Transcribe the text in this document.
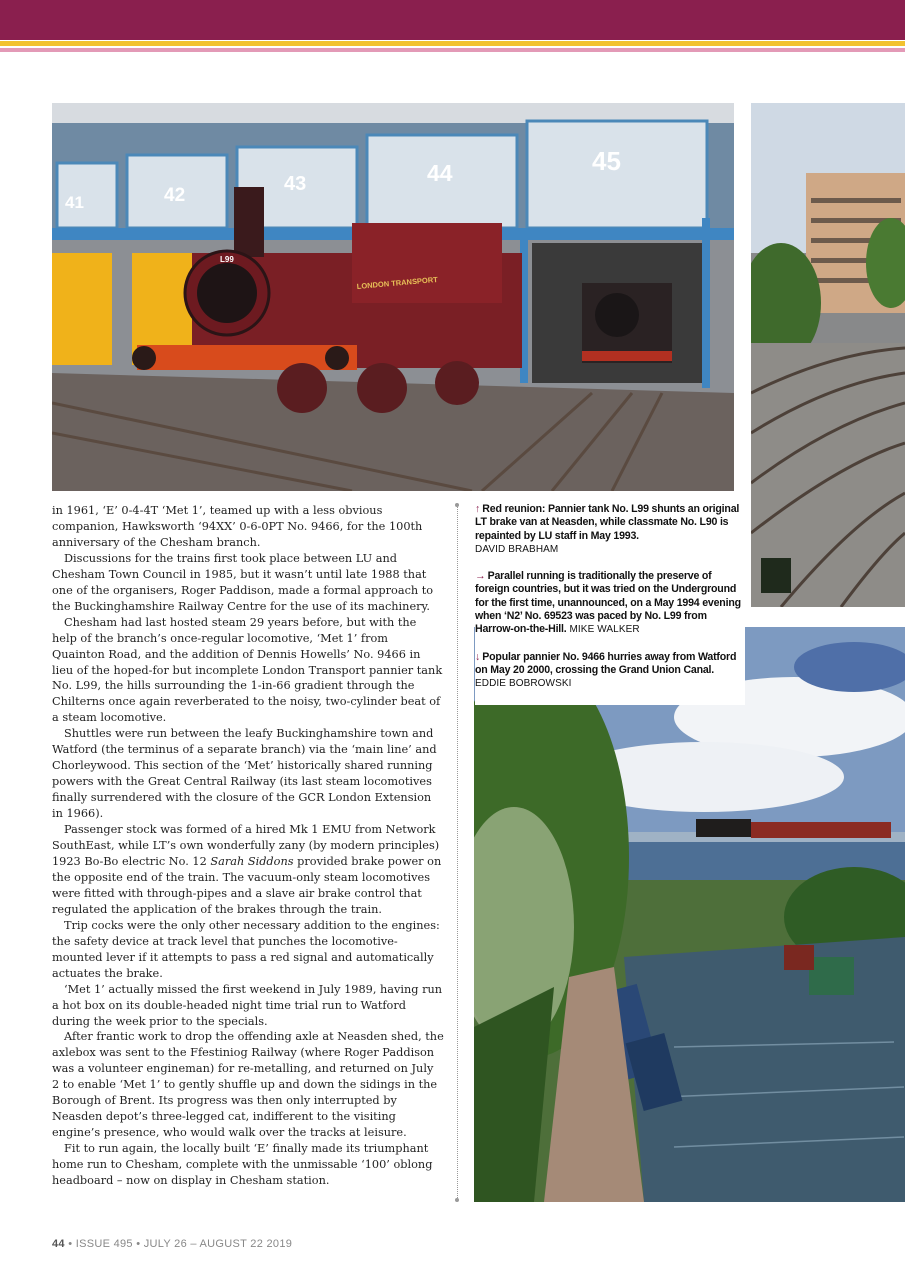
41	42
43	44	45
L99
LONDON TRANSPORT

in 1961, ‘E’ 0-4-4T ‘Met 1’, teamed up with a less obvious companion, Hawksworth ‘94XX’ 0-6-0PT No. 9466, for the 100th anniversary of the Chesham branch.

Discussions for the trains first took place between LU and Chesham Town Council in 1985, but it wasn’t until late 1988 that one of the organisers, Roger Paddison, made a formal approach to the Buckinghamshire Railway Centre for the use of its machinery.

Chesham had last hosted steam 29 years before, but with the help of the branch’s once-regular locomotive, ‘Met 1’ from Quainton Road, and the addition of Dennis Howells’ No. 9466 in lieu of the hoped-for but incomplete London Transport pannier tank No. L99, the hills surrounding the 1-in-66 gradient through the Chilterns once again reverberated to the noisy, two-cylinder beat of a steam locomotive.

Shuttles were run between the leafy Buckinghamshire town and Watford (the terminus of a separate branch) via the ‘main line’ and Chorleywood. This section of the ‘Met’ historically shared running powers with the Great Central Railway (its last steam locomotives finally surrendered with the closure of the GCR London Extension in 1966).

Passenger stock was formed of a hired Mk 1 EMU from Network SouthEast, while LT’s own wonderfully zany (by modern principles) 1923 Bo-Bo electric No. 12 Sarah Siddons provided brake power on the opposite end of the train. The vacuum-only steam locomotives were fitted with through-pipes and a slave air brake control that regulated the application of the brakes through the train.

Trip cocks were the only other necessary addition to the engines: the safety device at track level that punches the locomotive-mounted lever if it attempts to pass a red signal and automatically actuates the brake.

‘Met 1’ actually missed the first weekend in July 1989, having run a hot box on its double-headed night time trial run to Watford during the week prior to the specials.

After frantic work to drop the offending axle at Neasden shed, the axlebox was sent to the Ffestiniog Railway (where Roger Paddison was a volunteer engineman) for re-metalling, and returned on July 2 to enable ‘Met 1’ to gently shuffle up and down the sidings in the Borough of Brent. Its progress was then only interrupted by Neasden depot’s three-legged cat, indifferent to the visiting engine’s presence, who would walk over the tracks at leisure.

Fit to run again, the locally built ‘E’ finally made its triumphant home run to Chesham, complete with the unmissable ‘100’ oblong headboard – now on display in Chesham station.

↑ Red reunion: Pannier tank No. L99 shunts an original LT brake van at Neasden, while classmate No. L90 is repainted by LU staff in May 1993.
DAVID BRABHAM

→ Parallel running is traditionally the preserve of foreign countries, but it was tried on the Underground for the first time, unannounced, on a May 1994 evening when ‘N2’ No. 69523 was paced by No. L99 from Harrow-on-the-Hill. MIKE WALKER

↓ Popular pannier No. 9466 hurries away from Watford on May 20 2000, crossing the Grand Union Canal. EDDIE BOBROWSKI

44 • ISSUE 495 • JULY 26 – AUGUST 22 2019
